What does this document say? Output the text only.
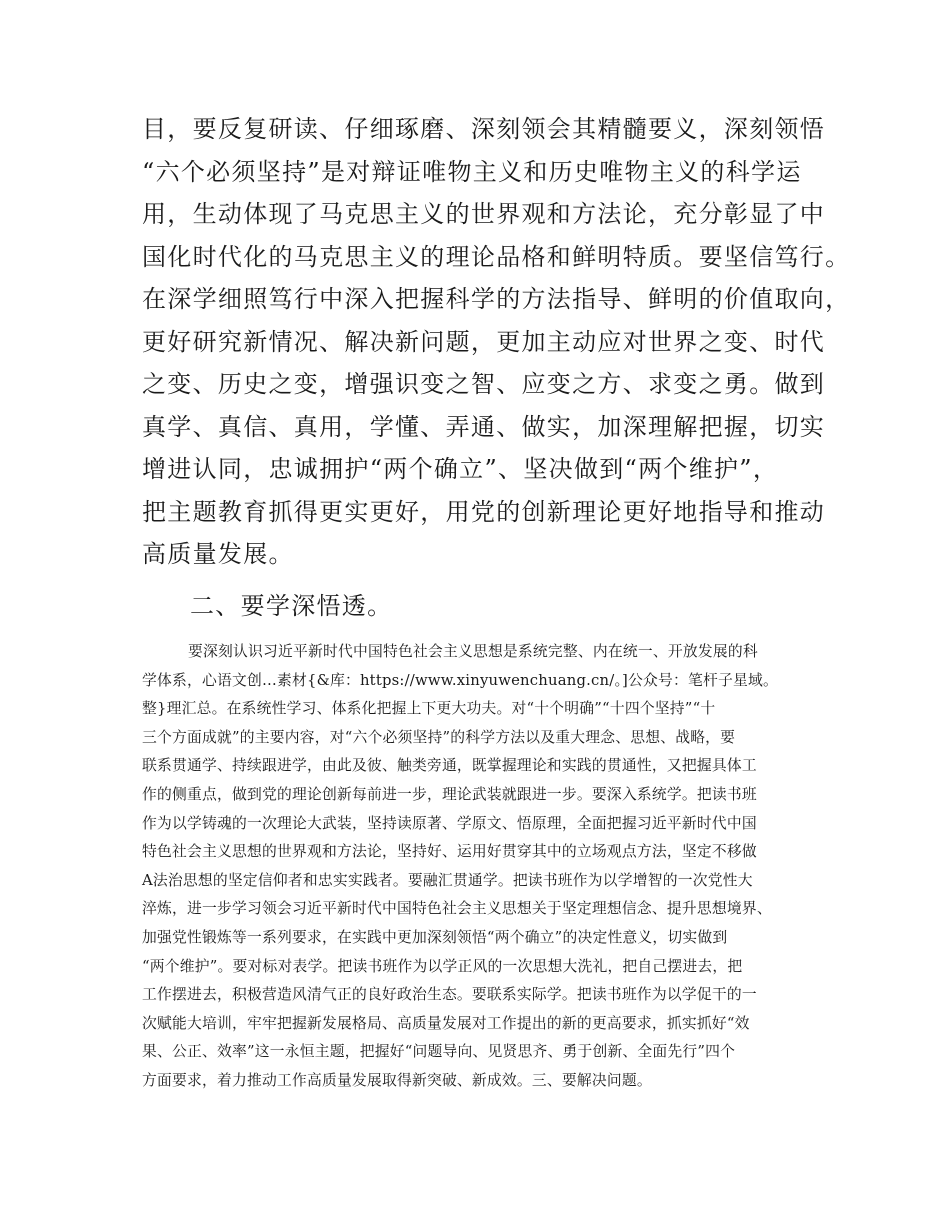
目，要反复研读、仔细琢磨、深刻领会其精髓要义，深刻领悟
“六个必须坚持”是对辩证唯物主义和历史唯物主义的科学运
用，生动体现了马克思主义的世界观和方法论，充分彰显了中
国化时代化的马克思主义的理论品格和鲜明特质。要坚信笃行。
在深学细照笃行中深入把握科学的方法指导、鲜明的价值取向，
更好研究新情况、解决新问题，更加主动应对世界之变、时代
之变、历史之变，增强识变之智、应变之方、求变之勇。做到
真学、真信、真用，学懂、弄通、做实，加深理解把握，切实
增进认同，忠诚拥护“两个确立”、坚决做到“两个维护”，
把主题教育抓得更实更好，用党的创新理论更好地指导和推动
高质量发展。
二、要学深悟透。
要深刻认识习近平新时代中国特色社会主义思想是系统完整、内在统一、开放发展的科
学体系，心语文创…素材{&库：https://www.xinyuwenchuang.cn/。]公众号：笔杆子星域。
整}理汇总。在系统性学习、体系化把握上下更大功夫。对“十个明确”“十四个坚持”“十
三个方面成就”的主要内容，对“六个必须坚持”的科学方法以及重大理念、思想、战略，要
联系贯通学、持续跟进学，由此及彼、触类旁通，既掌握理论和实践的贯通性，又把握具体工
作的侧重点，做到党的理论创新每前进一步，理论武装就跟进一步。要深入系统学。把读书班
作为以学铸魂的一次理论大武装，坚持读原著、学原文、悟原理，全面把握习近平新时代中国
特色社会主义思想的世界观和方法论，坚持好、运用好贯穿其中的立场观点方法，坚定不移做
A法治思想的坚定信仰者和忠实实践者。要融汇贯通学。把读书班作为以学增智的一次党性大
淬炼，进一步学习领会习近平新时代中国特色社会主义思想关于坚定理想信念、提升思想境界、
加强党性锻炼等一系列要求，在实践中更加深刻领悟“两个确立”的决定性意义，切实做到
“两个维护”。要对标对表学。把读书班作为以学正风的一次思想大洗礼，把自己摆进去，把
工作摆进去，积极营造风清气正的良好政治生态。要联系实际学。把读书班作为以学促干的一
次赋能大培训，牢牢把握新发展格局、高质量发展对工作提出的新的更高要求，抓实抓好“效
果、公正、效率”这一永恒主题，把握好“问题导向、见贤思齐、勇于创新、全面先行”四个
方面要求，着力推动工作高质量发展取得新突破、新成效。三、要解决问题。
